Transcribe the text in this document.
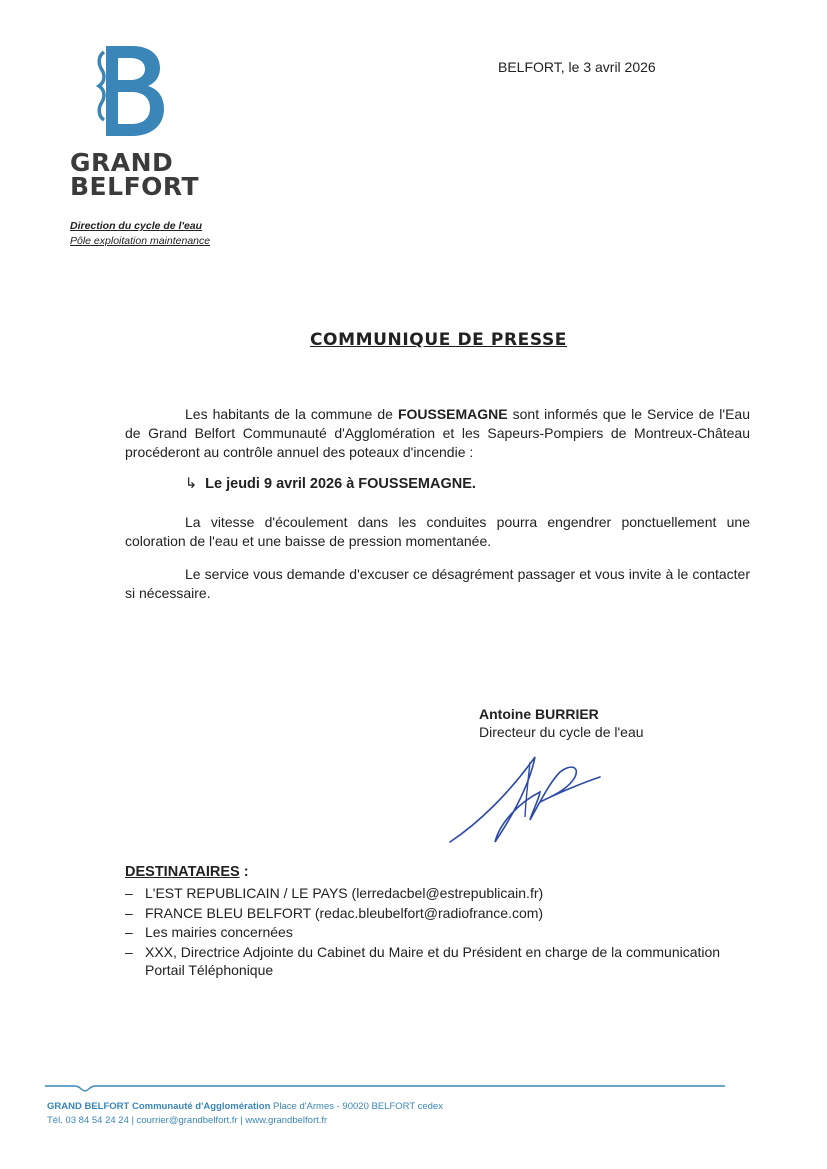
GRAND
BELFORT
Direction du cycle de l'eau
Pôle exploitation maintenance
BELFORT, le 3 avril 2026
COMMUNIQUE DE PRESSE
Les habitants de la commune de FOUSSEMAGNE sont informés que le Service de l'Eau de Grand Belfort Communauté d'Agglomération et les Sapeurs-Pompiers de Montreux-Château procéderont au contrôle annuel des poteaux d'incendie :
↳ Le jeudi 9 avril 2026 à FOUSSEMAGNE.
La vitesse d'écoulement dans les conduites pourra engendrer ponctuellement une coloration de l'eau et une baisse de pression momentanée.
Le service vous demande d'excuser ce désagrément passager et vous invite à le contacter si nécessaire.
Antoine BURRIER
Directeur du cycle de l'eau
DESTINATAIRES :
– L'EST REPUBLICAIN / LE PAYS (lerredacbel@estrepublicain.fr)
– FRANCE BLEU BELFORT (redac.bleubelfort@radiofrance.com)
– Les mairies concernées
– XXX, Directrice Adjointe du Cabinet du Maire et du Président en charge de la communication
Portail Téléphonique
GRAND BELFORT Communauté d'Agglomération Place d'Armes - 90020 BELFORT cedex
Tél. 03 84 54 24 24 | courrier@grandbelfort.fr | www.grandbelfort.fr
